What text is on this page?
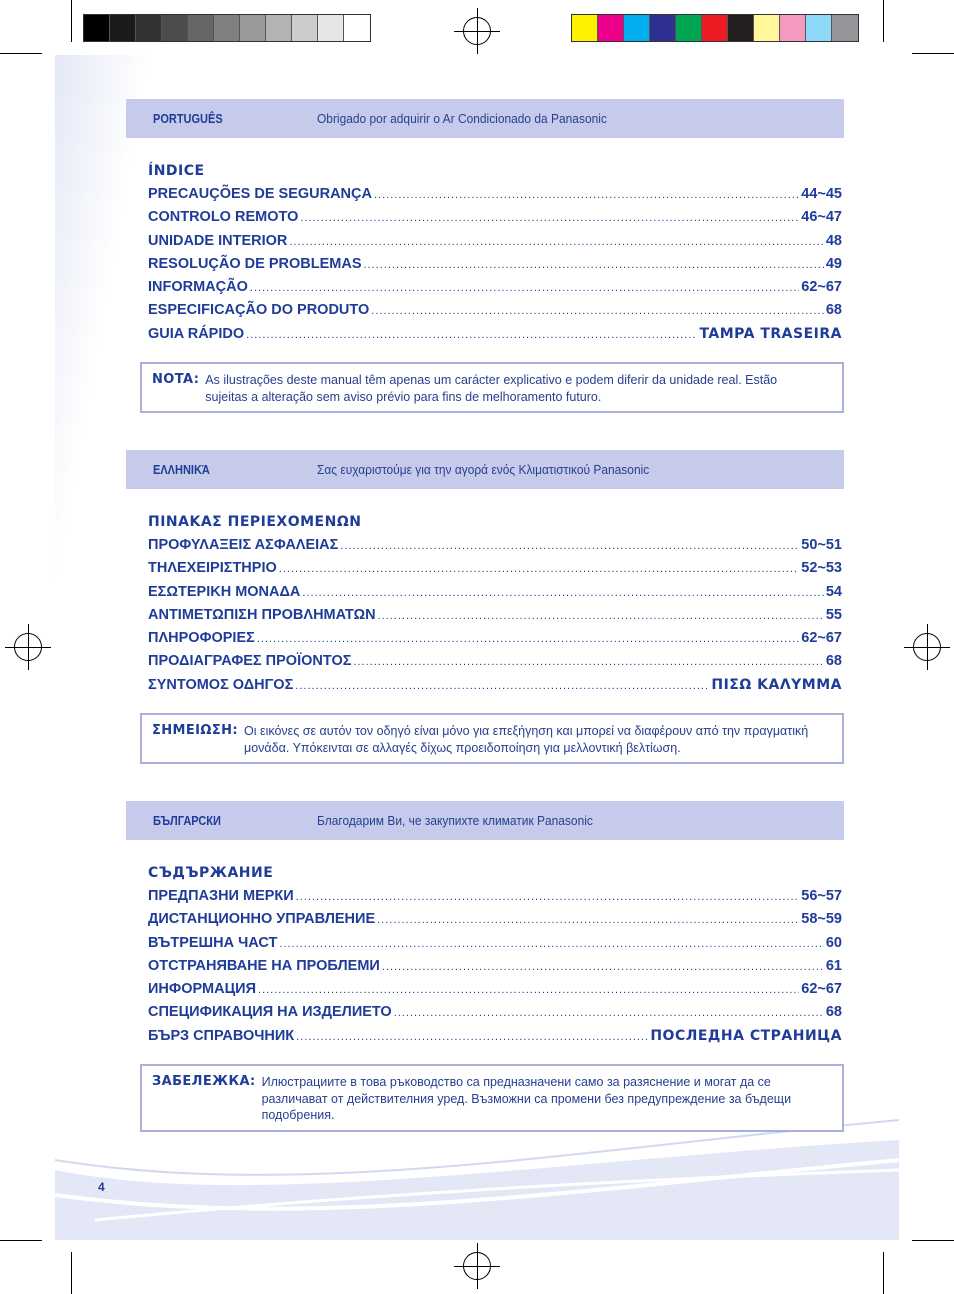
PORTUGUÊS	Obrigado por adquirir o Ar Condicionado da Panasonic
ÍNDICE
PRECAUÇÕES DE SEGURANÇA .....	44~45
CONTROLO REMOTO .....	46~47
UNIDADE INTERIOR .....	48
RESOLUÇÃO DE PROBLEMAS .....	49
INFORMAÇÃO .....	62~67
ESPECIFICAÇÃO DO PRODUTO .....	68
GUIA RÁPIDO .....	TAMPA TRASEIRA
NOTA: As ilustrações deste manual têm apenas um carácter explicativo e podem diferir da unidade real. Estão sujeitas a alteração sem aviso prévio para fins de melhoramento futuro.
ΕΛΛΗΝΙΚΆ	Σας ευχαριστούμε για την αγορά ενός Κλιματιστικού Panasonic
ΠΙΝΑΚΑΣ ΠΕΡΙΕΧΟΜΕΝΩΝ
ΠΡΟΦΥΛΑΞΕΙΣ ΑΣΦΑΛΕΙΑΣ .....	50~51
ΤΗΛΕΧΕΙΡΙΣΤΗΡΙΟ .....	52~53
ΕΣΩΤΕΡΙΚΗ ΜΟΝΑΔΑ .....	54
ΑΝΤΙΜΕΤΩΠΙΣΗ ΠΡΟΒΛΗΜΑΤΩΝ .....	55
ΠΛΗΡΟΦΟΡΙΕΣ .....	62~67
ΠΡΟΔΙΑΓΡΑΦΕΣ ΠΡΟΪΟΝΤΟΣ .....	68
ΣΥΝΤΟΜΟΣ ΟΔΗΓΟΣ .....	ΠΙΣΩ ΚΑΛΥΜΜΑ
ΣΗΜΕΙΩΣΗ: Οι εικόνες σε αυτόν τον οδηγό είναι μόνο για επεξήγηση και μπορεί να διαφέρουν από την πραγματική μονάδα. Υπόκεινται σε αλλαγές δίχως προειδοποίηση για μελλοντική βελτίωση.
БЪЛГАРСКИ	Благодарим Ви, че закупихте климатик Panasonic
СЪДЪРЖАНИЕ
ПРЕДПАЗНИ МЕРКИ .....	56~57
ДИСТАНЦИОННО УПРАВЛЕНИЕ .....	58~59
ВЪТРЕШНА ЧАСТ .....	60
ОТСТРАНЯВАНЕ НА ПРОБЛЕМИ .....	61
ИНФОРМАЦИЯ .....	62~67
СПЕЦИФИКАЦИЯ НА ИЗДЕЛИЕТО .....	68
БЪРЗ СПРАВОЧНИК .....	ПОСЛЕДНА СТРАНИЦА
ЗАБЕЛЕЖКА: Илюстрациите в това ръководство са предназначени само за разяснение и могат да се различават от действителния уред. Възможни са промени без предупреждение за бъдещи подобрения.
4
